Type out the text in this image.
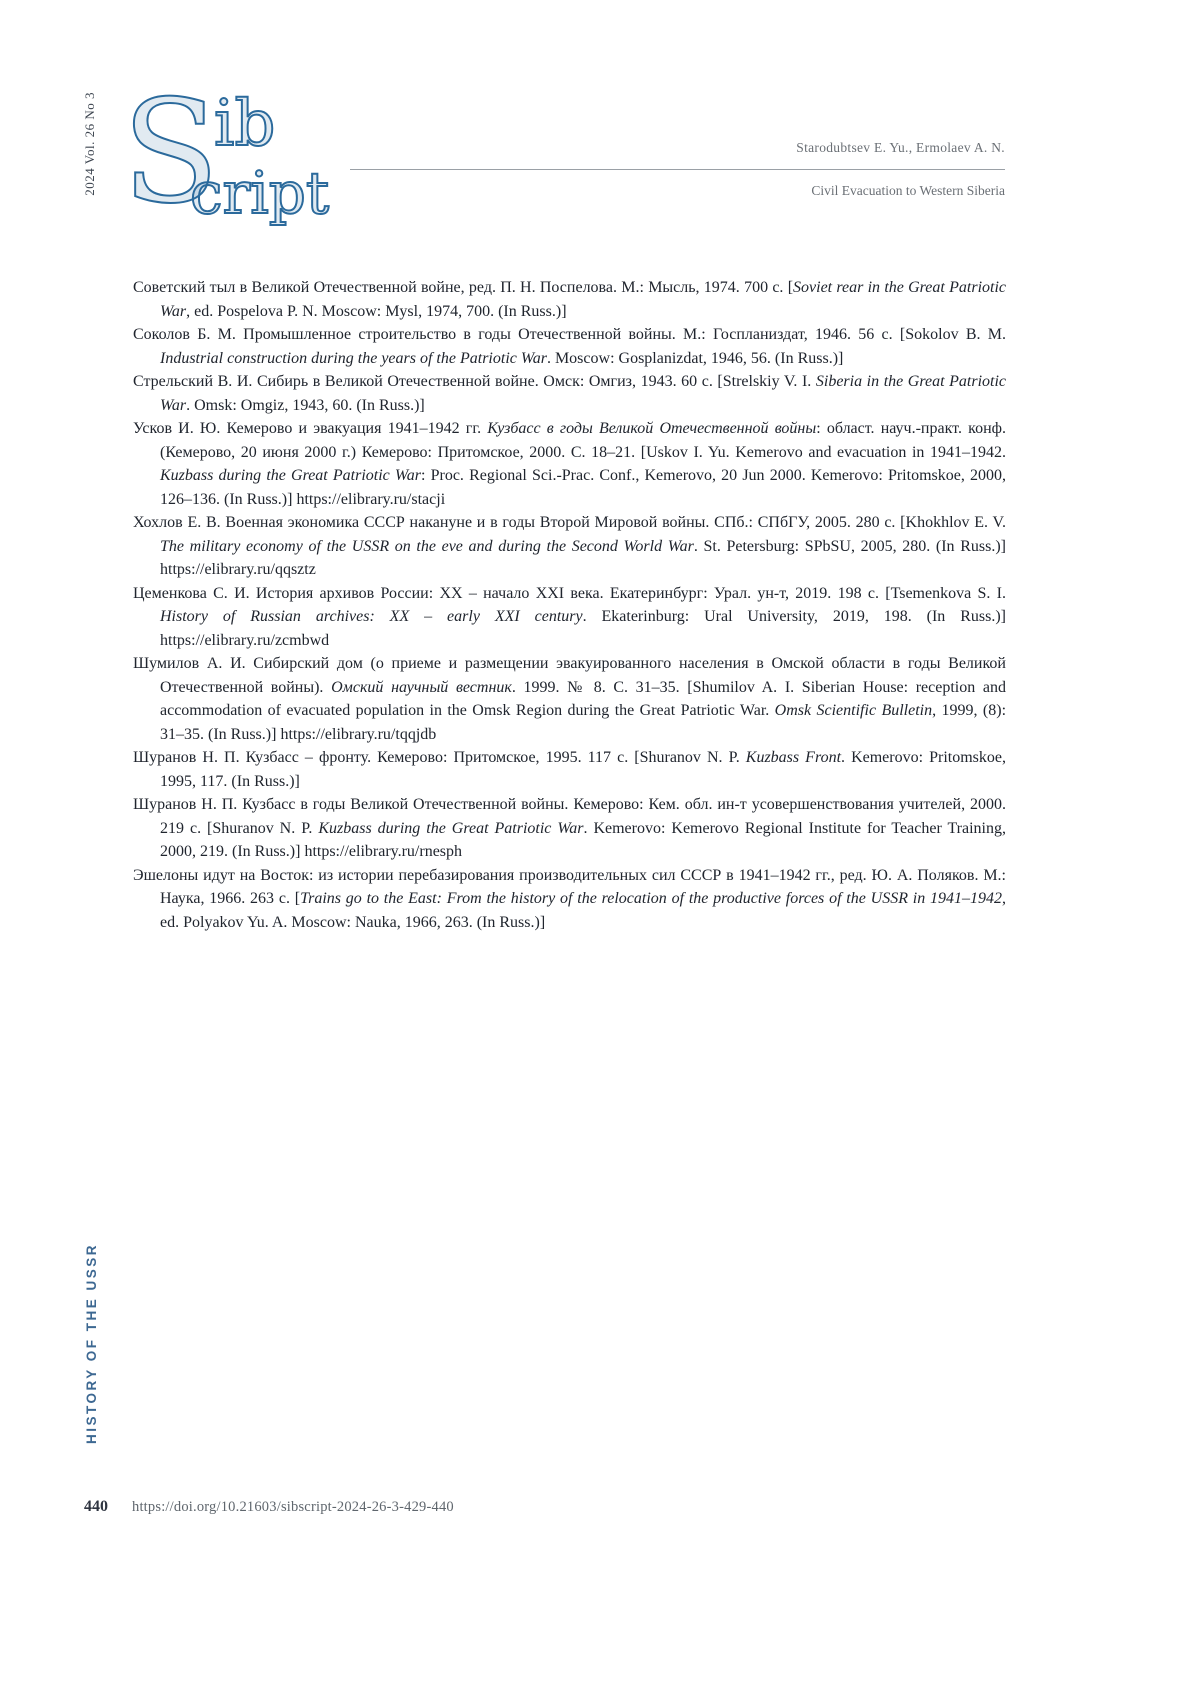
2024 Vol. 26 No 3
HISTORY OF THE USSR
S
ib
cript
Starodubtsev E. Yu., Ermolaev A. N.
Civil Evacuation to Western Siberia
Советский тыл в Великой Отечественной войне, ред. П. Н. Поспелова. М.: Мысль, 1974. 700 с. [Soviet rear in the Great Patriotic War, ed. Pospelova P. N. Moscow: Mysl, 1974, 700. (In Russ.)]
Соколов Б. М. Промышленное строительство в годы Отечественной войны. М.: Госпланиздат, 1946. 56 с. [Sokolov B. M. Industrial construction during the years of the Patriotic War. Moscow: Gosplanizdat, 1946, 56. (In Russ.)]
Стрельский В. И. Сибирь в Великой Отечественной войне. Омск: Омгиз, 1943. 60 с. [Strelskiy V. I. Siberia in the Great Patriotic War. Omsk: Omgiz, 1943, 60. (In Russ.)]
Усков И. Ю. Кемерово и эвакуация 1941–1942 гг. Кузбасс в годы Великой Отечественной войны: област. науч.-практ. конф. (Кемерово, 20 июня 2000 г.) Кемерово: Притомское, 2000. С. 18–21. [Uskov I. Yu. Kemerovo and evacuation in 1941–1942. Kuzbass during the Great Patriotic War: Proc. Regional Sci.-Prac. Conf., Kemerovo, 20 Jun 2000. Kemerovo: Pritomskoe, 2000, 126–136. (In Russ.)] https://elibrary.ru/stacji
Хохлов Е. В. Военная экономика СССР накануне и в годы Второй Мировой войны. СПб.: СПбГУ, 2005. 280 с. [Khokhlov E. V. The military economy of the USSR on the eve and during the Second World War. St. Petersburg: SPbSU, 2005, 280. (In Russ.)] https://elibrary.ru/qqsztz
Цеменкова С. И. История архивов России: XX – начало XXI века. Екатеринбург: Урал. ун-т, 2019. 198 с. [Tsemenkova S. I. History of Russian archives: XX – early XXI century. Ekaterinburg: Ural University, 2019, 198. (In Russ.)] https://elibrary.ru/zcmbwd
Шумилов А. И. Сибирский дом (о приеме и размещении эвакуированного населения в Омской области в годы Великой Отечественной войны). Омский научный вестник. 1999. № 8. С. 31–35. [Shumilov A. I. Siberian House: reception and accommodation of evacuated population in the Omsk Region during the Great Patriotic War. Omsk Scientific Bulletin, 1999, (8): 31–35. (In Russ.)] https://elibrary.ru/tqqjdb
Шуранов Н. П. Кузбасс – фронту. Кемерово: Притомское, 1995. 117 с. [Shuranov N. P. Kuzbass Front. Kemerovo: Pritomskoe, 1995, 117. (In Russ.)]
Шуранов Н. П. Кузбасс в годы Великой Отечественной войны. Кемерово: Кем. обл. ин-т усовершенствования учителей, 2000. 219 с. [Shuranov N. P. Kuzbass during the Great Patriotic War. Kemerovo: Kemerovo Regional Institute for Teacher Training, 2000, 219. (In Russ.)] https://elibrary.ru/rnesph
Эшелоны идут на Восток: из истории перебазирования производительных сил СССР в 1941–1942 гг., ред. Ю. А. Поляков. М.: Наука, 1966. 263 с. [Trains go to the East: From the history of the relocation of the productive forces of the USSR in 1941–1942, ed. Polyakov Yu. A. Moscow: Nauka, 1966, 263. (In Russ.)]
440 https://doi.org/10.21603/sibscript-2024-26-3-429-440
